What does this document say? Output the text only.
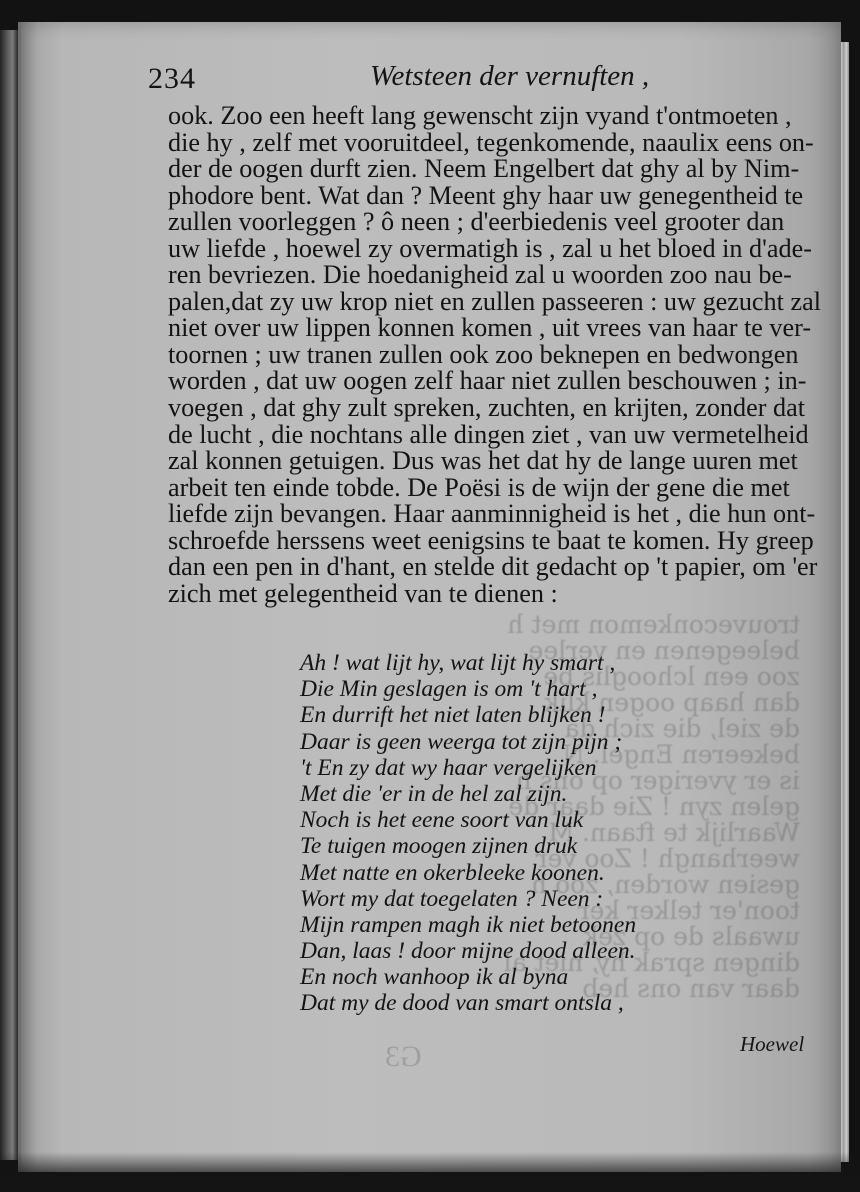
trouveconkemon met h
beleegenen en verlee
zoo een lchooglis be
dan haap oogen klik
de ziel, die zich da
bekeeren Engel. N
is er yveriger op ons h
gelen zyn ! Zie daar de
Waarlijk te ftaan. M
weerhangh ! Zoo ver
gesien worden, zoo h
toon'er telker ker
uwaals de op zek
dingen sprak hy, niet al
daar van ons heb
234	Wetsteen der vernuften ,
ook. Zoo een heeft lang gewenscht zijn vyand t'ontmoeten ,
die hy , zelf met vooruitdeel, tegenkomende, naaulix eens on-
der de oogen durft zien. Neem Engelbert dat ghy al by Nim-
phodore bent. Wat dan ? Meent ghy haar uw genegentheid te
zullen voorleggen ? ô neen ; d'eerbiedenis veel grooter dan
uw liefde , hoewel zy overmatigh is , zal u het bloed in d'ade-
ren bevriezen. Die hoedanigheid zal u woorden zoo nau be-
palen,dat zy uw krop niet en zullen passeeren : uw gezucht zal
niet over uw lippen konnen komen , uit vrees van haar te ver-
toornen ; uw tranen zullen ook zoo beknepen en bedwongen
worden , dat uw oogen zelf haar niet zullen beschouwen ; in-
voegen , dat ghy zult spreken, zuchten, en krijten, zonder dat
de lucht , die nochtans alle dingen ziet , van uw vermetelheid
zal konnen getuigen. Dus was het dat hy de lange uuren met
arbeit ten einde tobde. De Poësi is de wijn der gene die met
liefde zijn bevangen. Haar aanminnigheid is het , die hun ont-
schroefde herssens weet eenigsins te baat te komen. Hy greep
dan een pen in d'hant, en stelde dit gedacht op 't papier, om 'er
zich met gelegentheid van te dienen :
Ah ! wat lijt hy, wat lijt hy smart ,
Die Min geslagen is om 't hart ,
En durrift het niet laten blijken !
Daar is geen weerga tot zijn pijn ;
't En zy dat wy haar vergelijken
Met die 'er in de hel zal zijn.
Noch is het eene soort van luk
Te tuigen moogen zijnen druk
Met natte en okerbleeke koonen.
Wort my dat toegelaten ? Neen :
Mijn rampen magh ik niet betoonen
Dan, laas ! door mijne dood alleen.
En noch wanhoop ik al byna
Dat my de dood van smart ontsla ,
G3	Hoewel
